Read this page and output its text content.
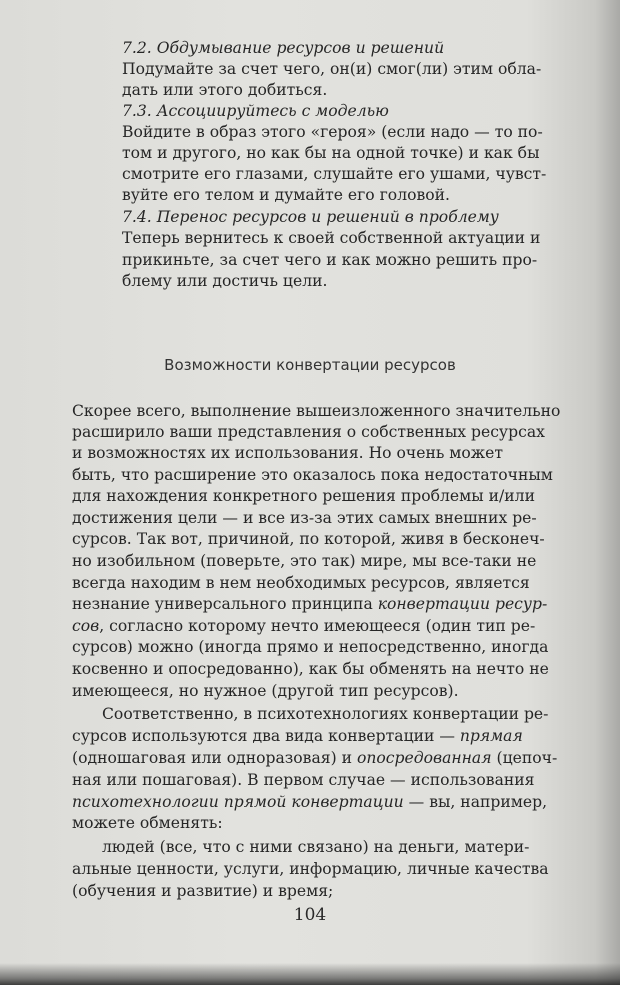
7.2. Обдумывание ресурсов и решений
Подумайте за счет чего, он(и) смог(ли) этим обла-
дать или этого добиться.
7.3. Ассоциируйтесь с моделью
Войдите в образ этого «героя» (если надо — то по-
том и другого, но как бы на одной точке) и как бы
смотрите его глазами, слушайте его ушами, чувст-
вуйте его телом и думайте его головой.
7.4. Перенос ресурсов и решений в проблему
Теперь вернитесь к своей собственной актуации и
прикиньте, за счет чего и как можно решить про-
блему или достичь цели.
Возможности конвертации ресурсов
Скорее всего, выполнение вышеизложенного значительно
расширило ваши представления о собственных ресурсах
и возможностях их использования. Но очень может
быть, что расширение это оказалось пока недостаточным
для нахождения конкретного решения проблемы и/или
достижения цели — и все из-за этих самых внешних ре-
сурсов. Так вот, причиной, по которой, живя в бесконеч-
но изобильном (поверьте, это так) мире, мы все-таки не
всегда находим в нем необходимых ресурсов, является
незнание универсального принципа конвертации ресур-
сов, согласно которому нечто имеющееся (один тип ре-
сурсов) можно (иногда прямо и непосредственно, иногда
косвенно и опосредованно), как бы обменять на нечто не
имеющееся, но нужное (другой тип ресурсов).
Соответственно, в психотехнологиях конвертации ре-
сурсов используются два вида конвертации — прямая
(одношаговая или одноразовая) и опосредованная (цепоч-
ная или пошаговая). В первом случае — использования
психотехнологии прямой конвертации — вы, например,
можете обменять:
людей (все, что с ними связано) на деньги, матери-
альные ценности, услуги, информацию, личные качества
(обучения и развитие) и время;
104
